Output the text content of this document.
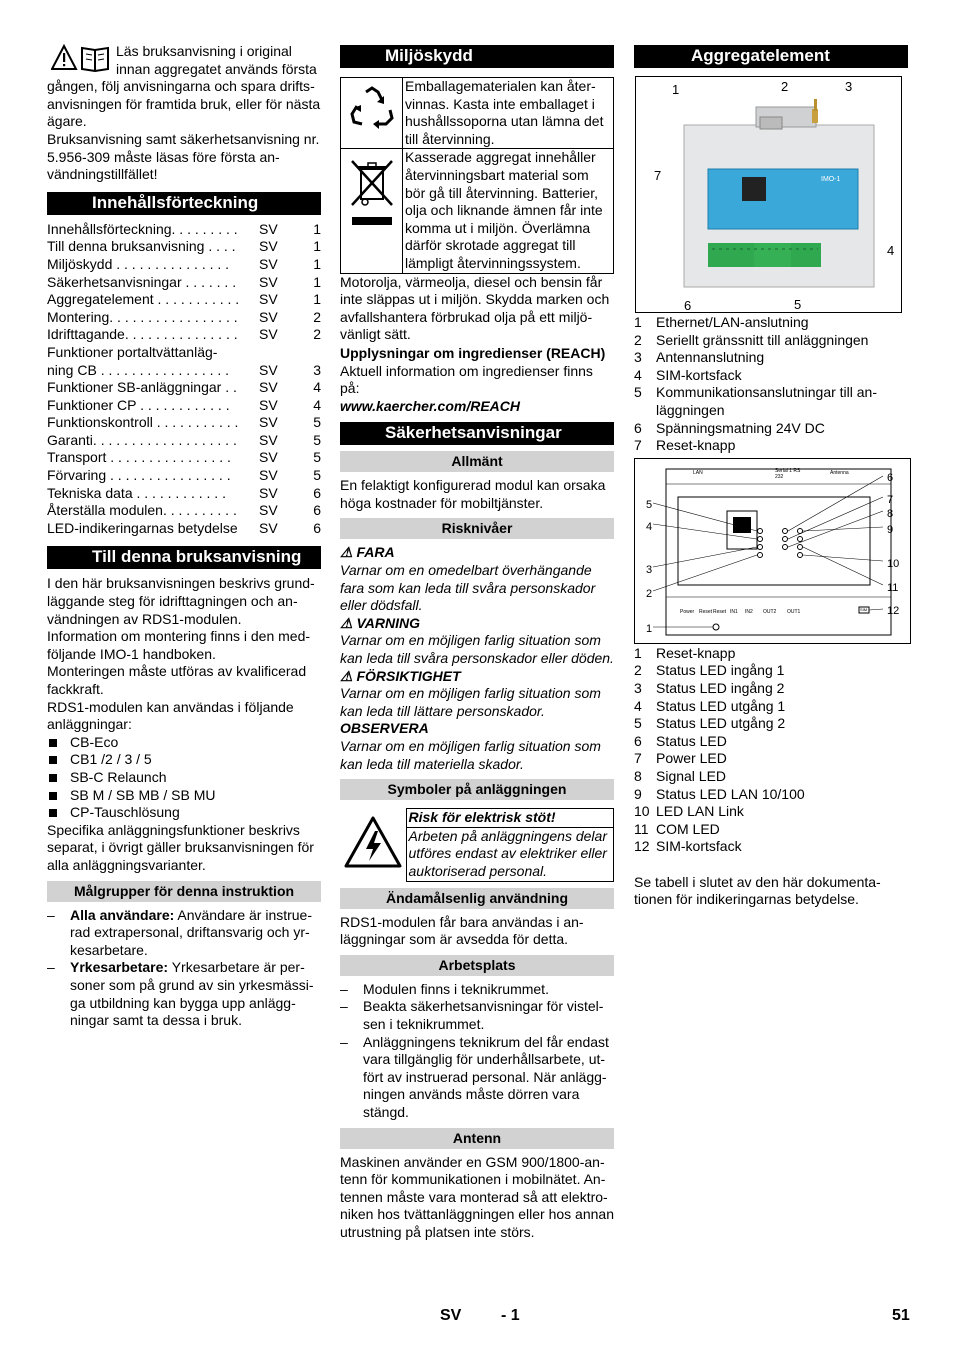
Läs bruksanvisning i original

innan aggregatet används första

gången, följ anvisningarna och spara driftsanvisningen för framtida bruk, eller för nästa ägare.

Bruksanvisning samt säkerhetsanvisning nr. 5.956-309 måste läsas före första användningstillfället!

Innehållsförteckning
Innehållsförteckning. . . . . . . . .	SV	1
Till denna bruksanvisning . . . .	SV	1
Miljöskydd . . . . . . . . . . . . . . .	SV	1
Säkerhetsanvisningar . . . . . . .	SV	1
Aggregatelement . . . . . . . . . . .	SV	1
Montering. . . . . . . . . . . . . . . . .	SV	2
Idrifttagande. . . . . . . . . . . . . . .	SV	2
Funktioner portaltvättanläg-
ning CB . . . . . . . . . . . . . . . . .	SV	3
Funktioner SB-anläggningar . .	SV	4
Funktioner CP . . . . . . . . . . . .	SV	4
Funktionskontroll . . . . . . . . . . .	SV	5
Garanti. . . . . . . . . . . . . . . . . . .	SV	5
Transport . . . . . . . . . . . . . . . .	SV	5
Förvaring . . . . . . . . . . . . . . . .	SV	5
Tekniska data . . . . . . . . . . . .	SV	6
Återställa modulen. . . . . . . . . .	SV	6
LED-indikeringarnas betydelse	SV	6
Till denna bruksanvisning

I den här bruksanvisningen beskrivs grundläggande steg för idrifttagningen och användningen av RDS1-modulen.

Information om montering finns i den medföljande IMO-1 handboken.

Monteringen måste utföras av kvalificerad fackkraft.

RDS1-modulen kan användas i följande anläggningar:

CB-Eco
CB1 /2 / 3 / 5
SB-C Relaunch
SB M / SB MB / SB MU
CP-Tauschlösung

Specifika anläggningsfunktioner beskrivs separat, i övrigt gäller bruksanvisningen för alla anläggningsvarianter.

Målgrupper för denna instruktion
– Alla användare: Användare är instruerad extrapersonal, driftansvarig och yrkesarbetare.
– Yrkesarbetare: Yrkesarbetare är personer som på grund av sin yrkesmässiga utbildning kan bygga upp anläggningar samt ta dessa i bruk.
Miljöskydd
	Emballagematerialen kan återvinnas. Kasta inte emballaget i hushållssoporna utan lämna det till återvinning.
	Kasserade aggregat innehåller återvinningsbart material som bör gå till återvinning. Batterier, olja och liknande ämnen får inte komma ut i miljön. Överlämna därför skrotade aggregat till lämpligt återvinningssystem.

Motorolja, värmeolja, diesel och bensin får inte släppas ut i miljön. Skydda marken och avfallshantera förbrukad olja på ett miljövänligt sätt.

Upplysningar om ingredienser (REACH)

Aktuell information om ingredienser finns på:

www.kaercher.com/REACH

Säkerhetsanvisningar
Allmänt

En felaktigt konfigurerad modul kan orsaka höga kostnader för mobiltjänster.

Risknivåer

⚠ FARA

Varnar om en omedelbart överhängande fara som kan leda till svåra personskador eller dödsfall.

⚠ VARNING

Varnar om en möjligen farlig situation som kan leda till svåra personskador eller döden.

⚠ FÖRSIKTIGHET

Varnar om en möjligen farlig situation som kan leda till lättare personskador.

OBSERVERA

Varnar om en möjligen farlig situation som kan leda till materiella skador.

Symboler på anläggningen
	Risk för elektrisk stöt!
Arbeten på anläggningens delar utföres endast av elektriker eller auktoriserad personal.
Ändamålsenlig användning

RDS1-modulen får bara användas i anläggningar som är avsedda för detta.

Arbetsplats
– Modulen finns i teknikrummet.
– Beakta säkerhetsanvisningar för vistelsen i teknikrummet.
– Anläggningens teknikrum del får endast vara tillgänglig för underhållsarbete, utfört av instruerad personal. När anläggningen används måste dörren vara stängd.
Antenn

Maskinen använder en GSM 900/1800-antenn för kommunikationen i mobilnätet. Antennen måste vara monterad så att elektroniken hos tvättanläggningen eller hos annan utrustning på platsen inte störs.

Aggregatelement
IMO-1
1	2	3
4
5
6
7
1	Ethernet/LAN-anslutning
2	Seriellt gränssnitt till anläggningen
3	Antennanslutning
4	SIM-kortsfack
5	Kommunikationsanslutningar till anläggningen
6	Spänningsmatning 24V DC
7	Reset-knapp
LAN	Serial 1 RS 232
Antenna
Power Reset Reset IN1 IN2 OUT2 OUT1	SIM
1
2
3
4
5
6
7
8
9
10
11
12
1	Reset-knapp
2	Status LED ingång 1
3	Status LED ingång 2
4	Status LED utgång 1
5	Status LED utgång 2
6	Status LED
7	Power LED
8	Signal LED
9	Status LED LAN 10/100
10 LED LAN Link
11 COM LED
12 SIM-kortsfack

Se tabell i slutet av den här dokumentationen för indikeringarnas betydelse.

SV - 1	51
